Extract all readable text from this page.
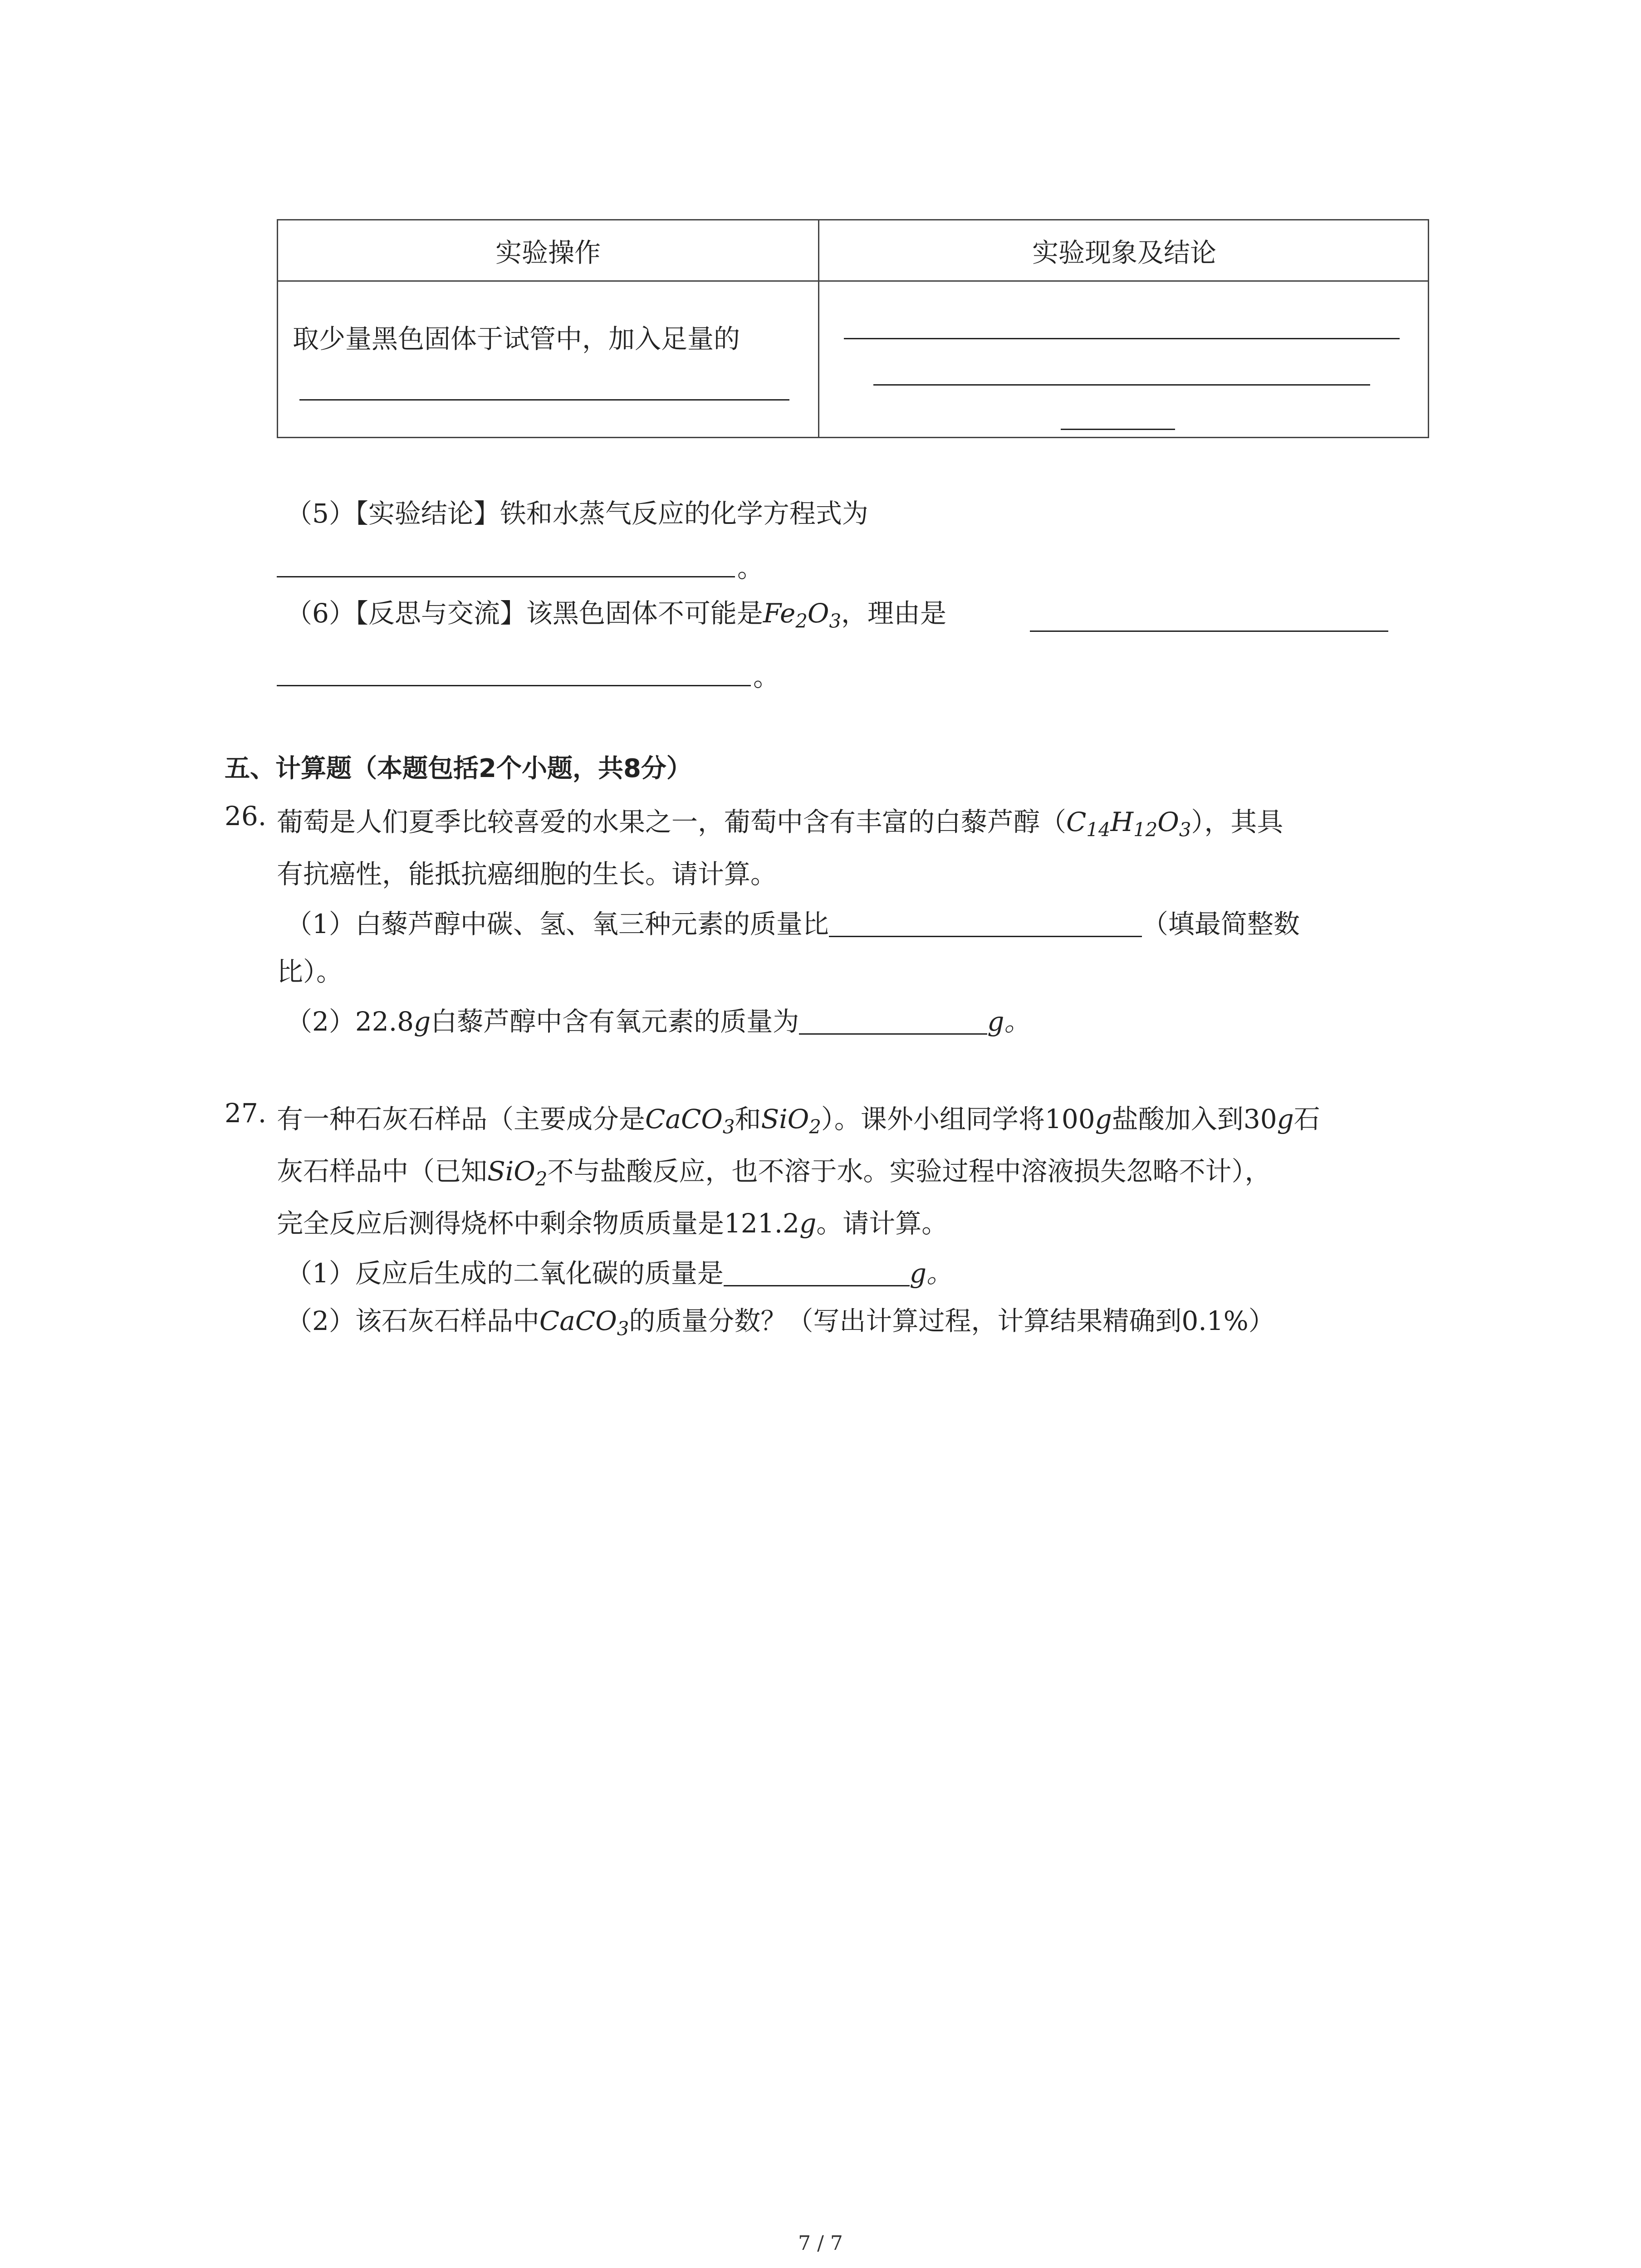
实验操作	实验现象及结论
取少量黑色固体于试管中，加入足量的
（5）【实验结论】铁和水蒸气反应的化学方程式为
。
（6）【反思与交流】该黑色固体不可能是$Fe_2O_3$，理由是
。
五、计算题（本题包括2个小题，共8分）
26. 葡萄是人们夏季比较喜爱的水果之一，葡萄中含有丰富的白藜芦醇$(C_{14}H_{12}O_3)$，其具
有抗癌性，能抵抗癌细胞的生长。请计算。
（1）白藜芦醇中碳、氢、氧三种元素的质量比	（填最简整数
比）。
（2）22.8g白藜芦醇中含有氧元素的质量为	g。
27. 有一种石灰石样品（主要成分是CaCO$_3$和SiO$_2$）。课外小组同学将100g盐酸加入到30g石
灰石样品中（已知SiO$_2$不与盐酸反应，也不溶于水。实验过程中溶液损失忽略不计），
完全反应后测得烧杯中剩余物质质量是121.2g。请计算。
（1）反应后生成的二氧化碳的质量是	g。
（2）该石灰石样品中CaCO$_3$的质量分数？（写出计算过程，计算结果精确到0.1%）
7 / 7
